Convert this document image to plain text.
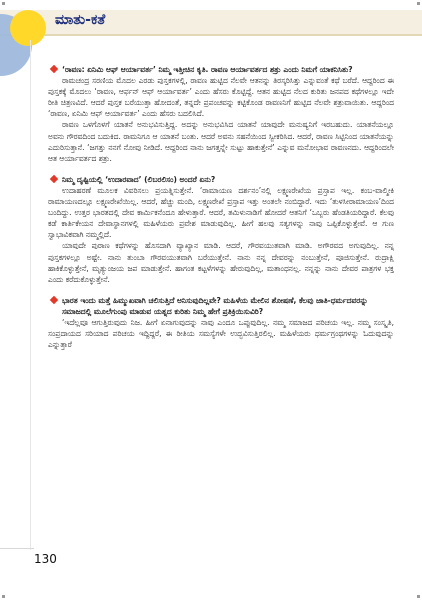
ಮಾತು-ಕತೆ
‘ರಾವಣ: ಏನಿಮಿ ಆಫ್ ಆರ್ಯಾವರ್ತ’ ನಿಮ್ಮ ಇತ್ತೀಚಿನ ಕೃತಿ. ರಾವಣ ಆರ್ಯಾವರ್ತದ ಶತ್ರು ಎಂದು ನಿಮಗೆ ಯಾಕನಿಸಿತು?

ರಾಮಚಂದ್ರ ಸರಣಿಯ ಮೊದಲ ಎರಡು ಪುಸ್ತಕಗಳಲ್ಲಿ, ರಾವಣ ಹುಟ್ಟಿದ ನೆಲವೇ ಆತನನ್ನು ತಿರಸ್ಕರಿಸಿತ್ತು ಎನ್ನುವಂತೆ ಕಥೆ ಬರೆದೆ. ಆದ್ದರಿಂದ ಈ ಪುಸ್ತಕಕ್ಕೆ ಮೊದಲು ‘ರಾವಣ, ಆರ್ಫನ್ ಆಫ್ ಆರ್ಯಾವರ್ತ’ ಎಂದು ಹೆಸರು ಕೊಟ್ಟಿದ್ದೆ. ಆತನ ಹುಟ್ಟಿದ ನೆಲದ ಕುರಿತು ಜನಪದ ಕಥೆಗಳಲ್ಲೂ ಇದೇ ರೀತಿ ಚಿತ್ರಣವಿದೆ. ಆದರೆ ಪುಸ್ತಕ ಬರೆಯುತ್ತಾ ಹೋದಂತೆ, ತನ್ನದೇ ಪ್ರಪಂಚವನ್ನು ಕಟ್ಟಿಕೊಂಡ ರಾವಣನಿಗೆ ಹುಟ್ಟಿದ ನೆಲವೇ ಶತ್ರುವಾಯಿತು. ಆದ್ದರಿಂದ ‘ರಾವಣ, ಏನಿಮಿ ಆಫ್ ಆರ್ಯಾವರ್ತ’ ಎಂದು ಹೆಸರು ಬದಲಿಸಿದೆ.

ರಾವಣ ಒಳಗೊಳಗೆ ಯಾತನೆ ಅನುಭವಿಸುತ್ತಿದ್ದ. ಅದನ್ನು ಅನುಭವಿಸಿದ ಯಾತನೆ ಯಾವುದೇ ಮನುಷ್ಯನಿಗೆ ಇರಬಹುದು. ಯಾತನೆಯಲ್ಲೂ ಅವನು ಗೌರವದಿಂದ ಬದುಕಿದ. ರಾಮನಿಗೂ ಆ ಯಾತನೆ ಬಂತು. ಆದರೆ ಅವನು ಸಹನೆಯಿಂದ ಸ್ವೀಕರಿಸಿದ. ಆದರೆ, ರಾವಣ ಸಿಟ್ಟಿನಿಂದ ಯಾತನೆಯನ್ನು ಎದುರಿಸುತ್ತಾನೆ. ‘ಜಗತ್ತು ನನಗೆ ನೋವು ನೀಡಿದೆ. ಆದ್ದರಿಂದ ನಾನು ಜಗತ್ತನ್ನೇ ಸುಟ್ಟು ಹಾಕುತ್ತೇನೆ’ ಎನ್ನುವ ಮನೋಭಾವ ರಾವಣನದು. ಆದ್ದರಿಂದಲೇ ಆತ ಆರ್ಯಾವರ್ತದ ಶತ್ರು.

ನಿಮ್ಮ ದೃಷ್ಟಿಯಲ್ಲಿ ‘ಉದಾರವಾದ’ (ಲಿಬರಲಿಸಂ) ಅಂದರೆ ಏನು?

ಉದಾಹರಣೆ ಮೂಲಕ ವಿವರಿಸಲು ಪ್ರಯತ್ನಿಸುತ್ತೇನೆ. ‘ರಾಮಾಯಣ ದರ್ಶನಂ’ನಲ್ಲಿ ಲಕ್ಷ್ಮಣರೇಖೆಯ ಪ್ರಸ್ತಾಪ ಇಲ್ಲ. ಕಂಬ-ವಾಲ್ಮೀಕಿ ರಾಮಾಯಣದಲ್ಲೂ ಲಕ್ಷ್ಮಣರೇಖೆಯಿಲ್ಲ. ಆದರೆ, ಹೆಚ್ಚು ಮಂದಿ, ಲಕ್ಷ್ಮಣರೇಖೆ ಪ್ರಸ್ತಾಪ ಇತ್ತು ಅಂತಲೇ ನಂಬಿದ್ದಾರೆ. ಇದು ‘ತುಳಸೀರಾಮಾಯಣ’ದಿಂದ ಬಂದಿದ್ದು. ಉತ್ತರ ಭಾರತದಲ್ಲಿ ದೇವ ಕಾರ್ಮಿಕನೆಂದೂ ಹೇಳುತ್ತಾರೆ. ಆದರೆ, ತಮಿಳುನಾಡಿಗೆ ಹೋದರೆ ಆತನಿಗೆ ‘ಒಬ್ಬರು ಹೆಂಡತಿಯರಿದ್ದಾರೆ. ಕೆಲವು ಕಡೆ ಕಾರ್ತಿಕೇಯನ ದೇವಾಸ್ಥಾನಗಳಲ್ಲಿ ಮಹಿಳೆಯರು ಪ್ರವೇಶ ಮಾಡುವುದಿಲ್ಲ. ಹೀಗೆ ಹಲವು ಸತ್ಯಗಳನ್ನು ನಾವು ಒಪ್ಪಿಕೊಳ್ಳುತ್ತೇವೆ. ಆ ಗುಣ ಸ್ವಾಭಾವಿಕವಾಗಿ ನಮ್ಮಲ್ಲಿದೆ.

ಯಾವುದೇ ಪುರಾಣ ಕಥೆಗಳನ್ನು ಹೊಸದಾಗಿ ವ್ಯಾಖ್ಯಾನ ಮಾಡಿ. ಆದರೆ, ಗೌರವಯುತವಾಗಿ ಮಾಡಿ. ಅಗೌರವದ ಅಗುವುದಿಲ್ಲ. ನನ್ನ ಪುಸ್ತಕಗಳಲ್ಲೂ ಅಷ್ಟೇ. ನಾನು ತುಂಬಾ ಗೌರವಯುತವಾಗಿ ಬರೆಯುತ್ತೇನೆ. ನಾನು ನನ್ನ ದೇವರನ್ನು ನಂಬುತ್ತೇನೆ, ಪೂಜಿಸುತ್ತೇನೆ. ರುದ್ರಾಕ್ಷಿ ಹಾಕಿಕೊಳ್ಳುತ್ತೇನೆ, ಮೃತ್ಯುಂಜಯ ಜಪ ಮಾಡುತ್ತೇನೆ. ಹಾಗಂತ ಕಟ್ಟಳೆಗಳನ್ನು ಹೇರುವುದಿಲ್ಲ, ಮತಾಂಧನಲ್ಲ. ನನ್ನನ್ನು ನಾನು ದೇವರ ಪಾತ್ರಗಳ ಭಕ್ತ ಎಂದು ಕರೆದುಕೊಳ್ಳುತ್ತೇನೆ.

ಭಾರತ ಇಂದು ಮತ್ತೆ ಹಿಮ್ಮುಖವಾಗಿ ಚಲಿಸುತ್ತಿದೆ ಅನಿಸುವುದಿಲ್ಲವೇ? ಮಹಿಳೆಯ ಮೇಲಿನ ಶೋಷಣೆ, ಕೆಲವು ಜಾತಿ-ಧರ್ಮದವರನ್ನು ಸಮಾಜದಲ್ಲಿ ಮೂಲೆಗುಂಪು ಮಾಡುವ ಯತ್ನದ ಕುರಿತು ನಿಮ್ಮ ಹೇಗೆ ಪ್ರತಿಕ್ರಿಯಿಸುವಿರಿ?

‘ಇದೆಲ್ಲವೂ ಆಗುತ್ತಿರುವುದು ನಿಜ. ಹೀಗೆ ಏನಾಗುವುದನ್ನು ನಾವು ಎಂದೂ ಒಪ್ಪುವುದಿಲ್ಲ. ನಮ್ಮ ಸಮಾಜದ ಪರಿಚಯ ಇಲ್ಲ. ನಮ್ಮ ಸಂಸ್ಕೃತಿ, ಸಂಪ್ರದಾಯದ ಸರಿಯಾದ ಪರಿಚಯ ಇದ್ದಿದ್ದರೆ, ಈ ರೀತಿಯ ಸಮಸ್ಯೆಗಳೇ ಉದ್ಭವಿಸುತ್ತಿರಲಿಲ್ಲ. ಮಹಿಳೆಯರು ಧರ್ಮಗ್ರಂಥಗಳನ್ನು ಓದುವುದನ್ನು ಎನ್ನುತ್ತಾರೆ

130
